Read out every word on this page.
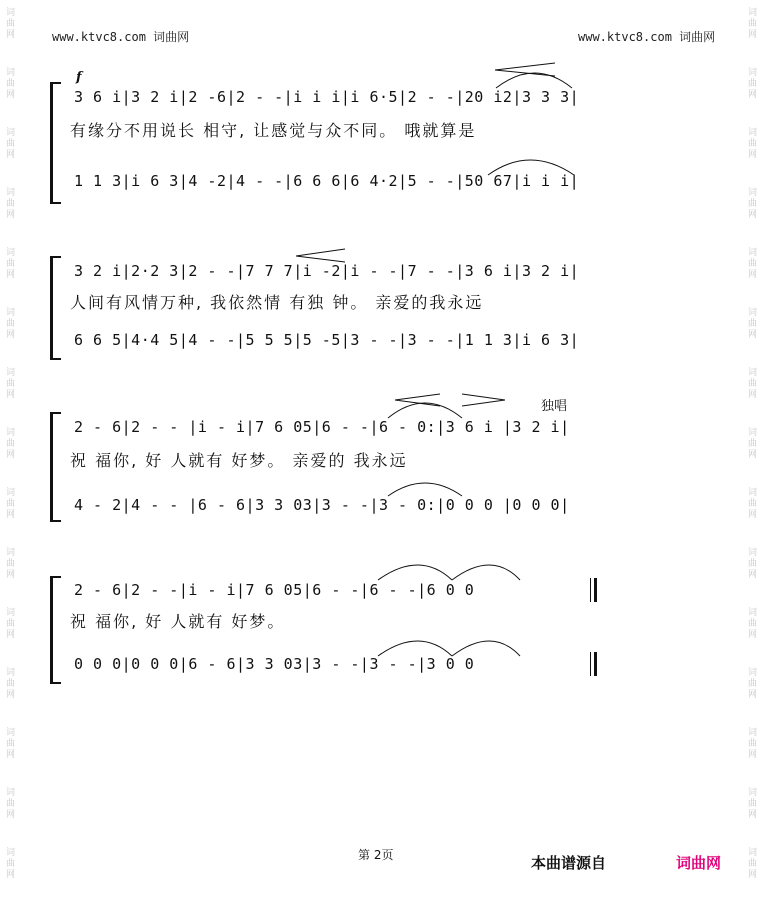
www.ktvc8.com 词曲网	www.ktvc8.com 词曲网
词
曲
网
词
曲
网
词
曲
网
词
曲
网
词
曲
网
词
曲
网
词
曲
网
词
曲
网
词
曲
网
词
曲
网
词
曲
网
词
曲
网
词
曲
网
词
曲
网
词
曲
网
词
曲
网
词
曲
网
词
曲
网
词
曲
网
词
曲
网
词
曲
网
词
曲
网
词
曲
网
词
曲
网
词
曲
网
词
曲
网
词
曲
网
词
曲
网
词
曲
网
词
曲
网
f
3 6 i|3 2 i|2 -6|2 - -|i i i|i 6·5|2 - -|20 i2|3 3 3|
有缘分不用说长 相守, 让感觉与众不同。 哦就算是
1 1 3|i 6 3|4 -2|4 - -|6 6 6|6 4·2|5 - -|50 67|i i i|
3 2 i|2·2 3|2 - -|7 7 7|i -2|i - -|7 - -|3 6 i|3 2 i|
人间有风情万种, 我依然情 有独 钟。 亲爱的我永远
6 6 5|4·4 5|4 - -|5 5 5|5 -5|3 - -|3 - -|1 1 3|i 6 3|
独唱
2 - 6|2 - - |i - i|7 6 05|6 - -|6 - 0:|3 6 i |3 2 i|
祝 福你, 好 人就有 好梦。 亲爱的 我永远
4 - 2|4 - - |6 - 6|3 3 03|3 - -|3 - 0:|0 0 0 |0 0 0|
2 - 6|2 - -|i - i|7 6 05|6 - -|6 - -|6 0 0
祝 福你, 好 人就有 好梦。
0 0 0|0 0 0|6 - 6|3 3 03|3 - -|3 - -|3 0 0
第 2页	本曲谱源自	词曲网
